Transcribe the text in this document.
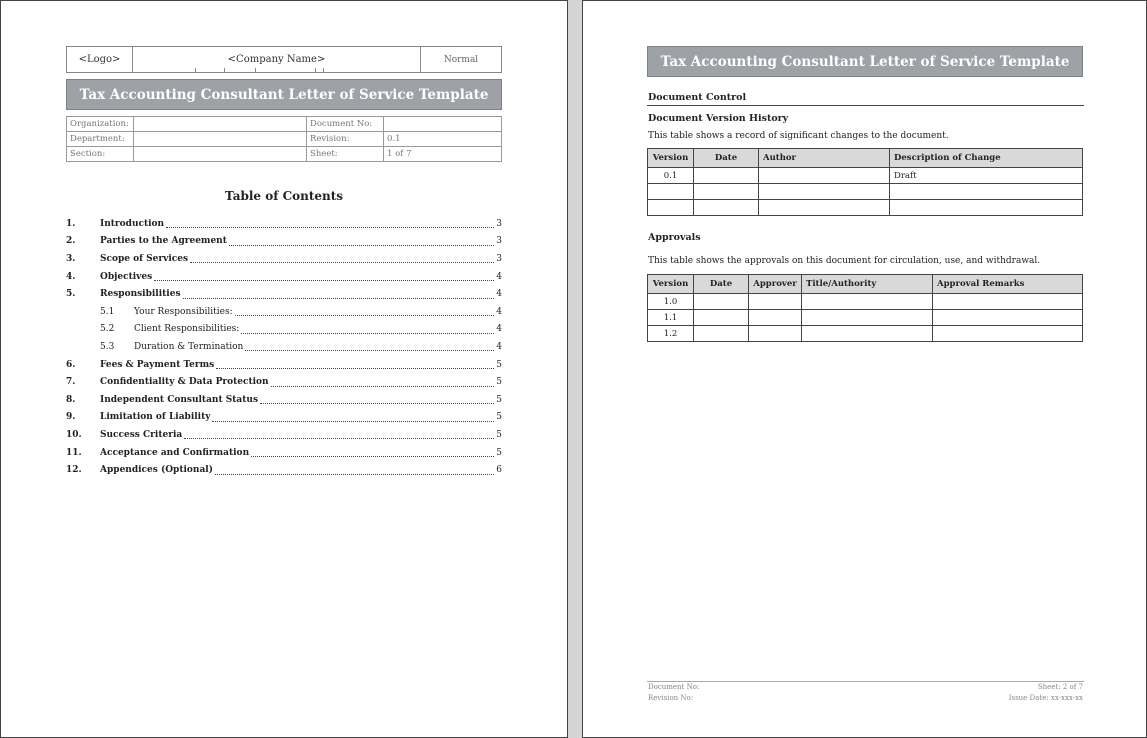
<Logo>	<Company Name>	Normal
Tax Accounting Consultant Letter of Service Template
Organization:		Document No:	
Department:		Revision:	0.1
Section:		Sheet:	1 of 7
Table of Contents
1.	Introduction	3
2.	Parties to the Agreement	3
3.	Scope of Services	3
4.	Objectives	4
5.	Responsibilities	4
5.1	Your Responsibilities:	4
5.2	Client Responsibilities:	4
5.3	Duration & Termination	4
6.	Fees & Payment Terms	5
7.	Confidentiality & Data Protection	5
8.	Independent Consultant Status	5
9.	Limitation of Liability	5
10.	Success Criteria	5
11.	Acceptance and Confirmation	5
12.	Appendices (Optional)	6
Tax Accounting Consultant Letter of Service Template
Document Control
Document Version History
This table shows a record of significant changes to the document.
Version	Date	Author	Description of Change
0.1			Draft

Approvals
This table shows the approvals on this document for circulation, use, and withdrawal.
Version	Date	Approver	Title/Authority	Approval Remarks
1.0				
1.1				
1.2				
Document No:
Revision No:
Sheet: 2 of 7
Issue Date: xx-xxx-xx
